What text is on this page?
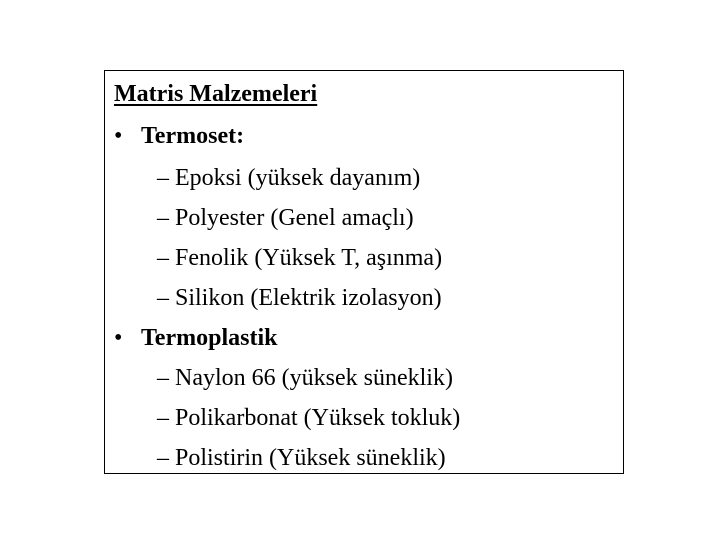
Matris Malzemeleri
• Termoset:
– Epoksi (yüksek dayanım)
– Polyester (Genel amaçlı)
– Fenolik (Yüksek T, aşınma)
– Silikon (Elektrik izolasyon)
• Termoplastik
– Naylon 66 (yüksek süneklik)
– Polikarbonat (Yüksek tokluk)
– Polistirin (Yüksek süneklik)
